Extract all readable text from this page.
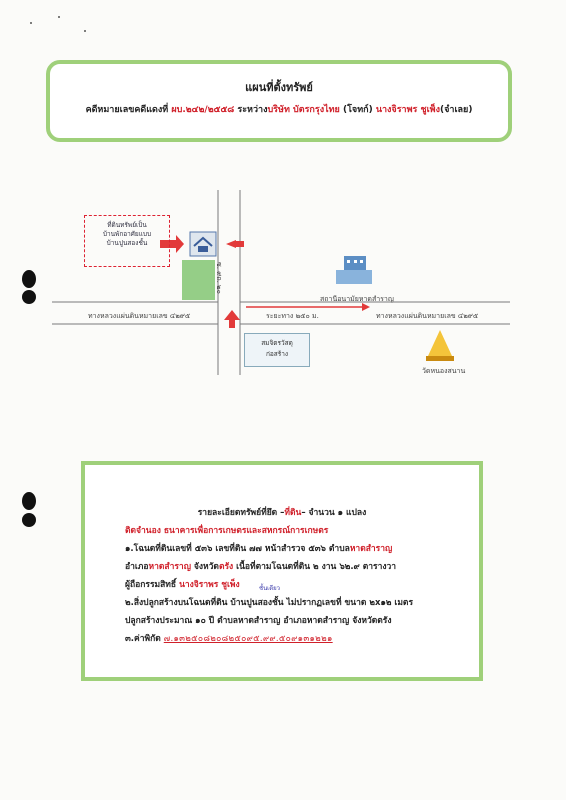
แผนที่ตั้งทรัพย์
คดีหมายเลขคดีแดงที่ ผบ.๒๔๒/๒๕๕๘ ระหว่างบริษัท บัตรกรุงไทย (โจทก์) นางจิราพร ชูเพ็ง(จำเลย)
ที่ดินทรัพย์เป็น
บ้านพักอาศัยแบบ
บ้านปูนสองชั้น
ซ. ๙ถ. ๒๐
ทางหลวงแผ่นดินหมายเลข ๔๒๙๕	ทางหลวงแผ่นดินหมายเลข ๔๒๙๕
ระยะทาง ๒๕๐ ม.
สถานีอนามัยหาดสำราญ
วัดหนองสนาน
สมจิตรวัสดุ
ก่อสร้าง
รายละเอียดทรัพย์ที่ยึด –ที่ดิน– จำนวน ๑ แปลง
ติดจำนอง ธนาคารเพื่อการเกษตรและสหกรณ์การเกษตร
๑.โฉนดที่ดินเลขที่ ๕๓๖ เลขที่ดิน ๗๗ หน้าสำรวจ ๕๓๖ ตำบลหาดสำราญ
อำเภอหาดสำราญ จังหวัดตรัง เนื้อที่ตามโฉนดที่ดิน ๒ งาน ๖๒.๙ ตารางวา
ผู้ถือกรรมสิทธิ์ นางจิราพร ชูเพ็ง	ชั้นเดียว
๒.สิ่งปลูกสร้างบนโฉนดที่ดิน บ้านปูนสองชั้น ไม่ปรากฏเลขที่ ขนาด ๒x๑๒ เมตร
ปลูกสร้างประมาณ ๑๐ ปี ตำบลหาดสำราญ อำเภอหาดสำราญ จังหวัดตรัง
๓.ค่าพิกัด ๗.๑๓๒๕๐๘๒๐๘๒๕๐๙๕.๙๙.๕๐๙๑๓๑๒๒๑
